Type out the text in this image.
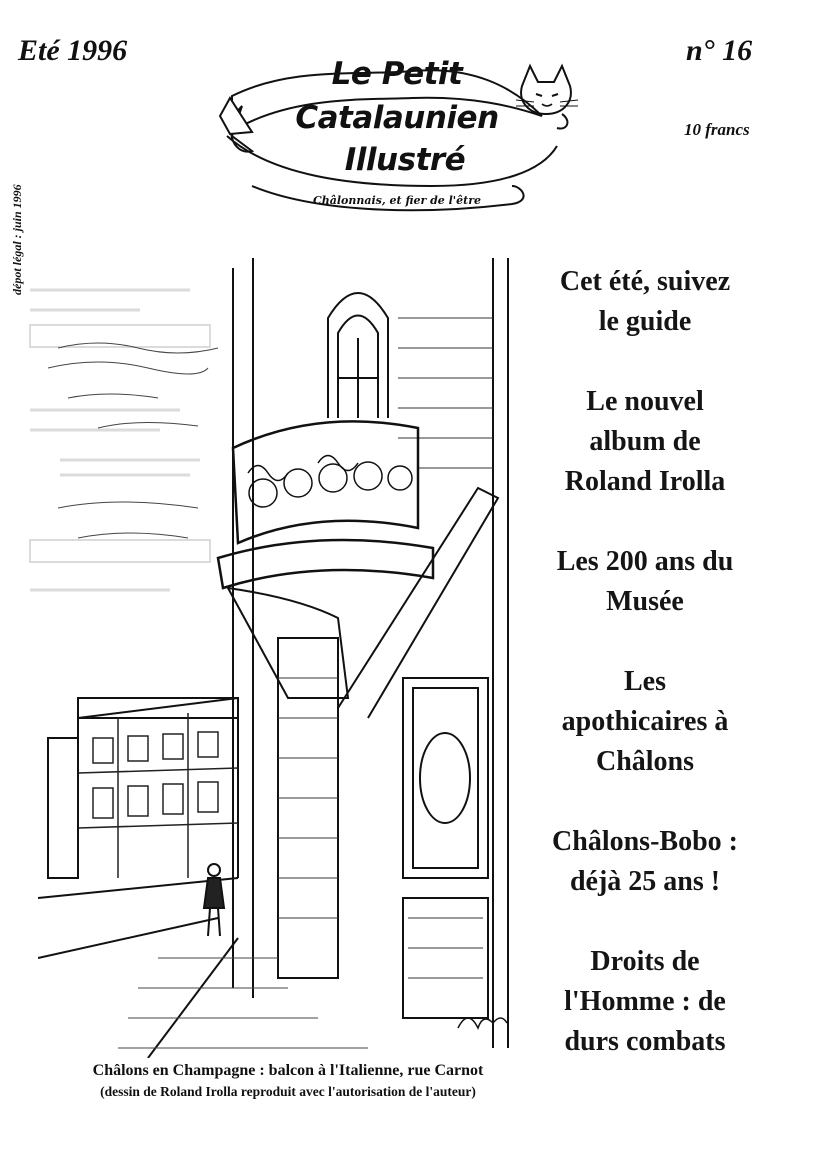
Eté 1996	n° 16
10 francs
dépot légal : juin 1996
Le Petit
Catalaunien
Illustré
Châlonnais, et fier de l'être
Cet été, suivez
le guide
Le nouvel
album de
Roland Irolla
Les 200 ans du
Musée
Les
apothicaires à
Châlons
Châlons-Bobo :
déjà 25 ans !
Droits de
l'Homme : de
durs combats
Châlons en Champagne : balcon à l'Italienne, rue Carnot
(dessin de Roland Irolla reproduit avec l'autorisation de l'auteur)
